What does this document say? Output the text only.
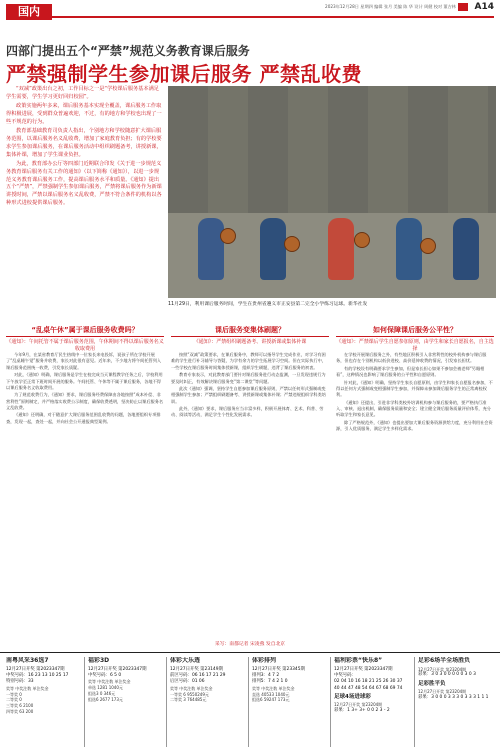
国内	2023年12月28日 星期四 编辑 张月 美编 陈 华 设计 周健 校对 董吉林 A14
四部门提出五个“严禁”规范义务教育课后服务
严禁强制学生参加课后服务 严禁乱收费

“双减”政策出台之初，工作目标之一是“学校课后服务基本满足学生需要，学生学习更好回归校园”。

政策实施两年多来，课后服务基本实现全覆盖，课后服务工作取得积极进展，受到群众普遍欢迎，不过，有的地方和学校也出现了一些不规范的行为。

教育部基础教育司负责人指出，个别地方和学校随意扩大课后服务范围，以课后服务名义乱收费，增加了家庭教育负担；有的学校要求学生参加课后服务，在课后服务活动中组织刷题备考，讲授新课，集体补课，增加了学生课业负担。

为此，教育部办公厅等四部门近期联合印发《关于进一步规范义务教育课后服务有关工作的通知》（以下简称《通知》），以进一步规范义务教育课后服务工作，提高课后服务水平和质量。《通知》提出五个“严禁”，严禁强制学生参加课后服务，严禁将课后服务作为新课讲授时间，严禁以课后服务名义乱收费，严禁不符合条件的机构以各种形式进校提供课后服务。

11月29日，利用课后服务时间，学生在贵州省遵义市正安县第二完全小学练习运球。新华社发
“乱桌午休”属于课后服务收费吗？
《通知》：午间托管不属于课后服务范围，午休期间不得以课后服务名义收取费用
课后服务变集体刷题？
《通知》：严禁组织刷题备考、讲授新课或集体补课
如何保障课后服务公平性？
《通知》：严禁课后学生自愿参加原则，由学生和家长自愿报名，自主选择

今年9月，在某省教育厅民生热线中一位家长来电投诉，说孩子所在学校开展了“乱桌睡午觉”服务并收费，家长对此很有意见。近年来，不少地方将午间托管列入课后服务范围统一收费，引发家长质疑。

对此，《通知》明确，课后服务是学生在校完成当天课程教学任务之后，学校利用下午放学至正常下班时间开展的服务。午间托管、午休等不属于课后服务，各地不得以课后服务名义收取费用。

为了规范收费行为，《通知》要求，课后服务经费保障由各地按照“成本补偿、非营利性”原则制定，并严格落实收费公示制度，确保收费透明，坚决防止以课后服务名义乱收费。

《通知》还明确，对于随意扩大课后服务范围乱收费的问题，各地要组织专项排查，发现一起，查处一起，并向社会公开通报典型案例。

按照“双减”政策要求，在课后服务中，教师可以指导学生完成作业，对学习有困难的学生进行补习辅导与答疑，为学有余力的学生拓展学习空间。但在实际执行中，一些学校在课后服务时间集体授新课，组织学生刷题，违背了课后服务的初衷。

教育专家表示，对此教育部门要针对课后服务进行动态监测，一旦发现违规行为要及时纠正，有效解决课后服务变“第二课堂”等问题。

此次《通知》强调，坚持学生自愿参加课后服务原则，严禁以任何形式强制或变相强制学生参加；严禁组织刷题备考、讲授新课或集体补课；严禁违规组织学科类培训。

此外，《通知》要求，课后服务应当丰富多样，积极开展体育、艺术、科普、劳动、阅读等活动，满足学生个性化发展需求。

在学校开展课后服务之外，有些地区积极引入非营利性的校外机构参与课后服务，但也存在个别机构以低价进校、高价延伸收费的情况，引发家长担忧。

有的学校设有明确要求学生参加，但是家长担心如果不参加会被老师“另眼相看”，这种情况也影响了课后服务的公平性和自愿原则。

针对此，《通知》明确，坚持学生家长自愿原则，由学生和家长自愿报名参加，不得以任何方式强制或变相强制学生参加，并保障未参加课后服务学生的正常离校权利。

《通知》还提出，引进非学科类校外培训机构参与课后服务的，要严格执行准入、审核、退出机制，确保服务质量和安全；建立健全课后服务质量评价体系，充分听取学生和家长意见。

除了严格规范外，《通知》也提出要加大课后服务资源供给力度，充分利用社会资源，引入优质服务，满足学生多样化需求。

采写：南都记者 宋凌燕 发自北京
南粤风采36选7
12月27日开奖 第2023347期
中奖号码：16 23 13 10 25 17
特别号码：33
奖等 中奖注数 单注奖金
一等奖 0
二等奖 0
三等奖 6 2100
四等奖 63 200
福彩3D
12月27日开奖 第2023347期
中奖号码：6 5 0
奖等 中奖注数 单注奖金
单选 1281 1040元
组选3 0 346元
组选6 2677 173元
体彩大乐透
12月27日开奖 第23149期
前区号码：06 16 17 21 29
后区号码：01 06
奖等 中奖注数 单注奖金
一等奖 6 9550249元
二等奖 3 764485元
体彩排列
12月27日开奖 第23345期
排列3：4 7 2
排列5：7 4 2 1 0
奖等 中奖注数 单注奖金
直选 40533 1040元
组选6 59247 173元
福利彩票“快乐8”
12月27日开奖 第2023347期
中奖号码：
02 04 10 16 18 21 25 26 30 37
40 44 47 48 54 64 67 68 69 74
足球4场进球彩
12月27日开奖 第23204期
彩果：1 3+ 3+ 0 0 2 3 - 2
足彩6场半全场胜负
12月27日开奖 第23204期
彩果：3 0 3 0 0 0 0 0 3 0 3
足彩胜平负
12月27日开奖 第23204期
彩果：3 0 0 0 3 3 3 0 3 3 3 1 1 1
